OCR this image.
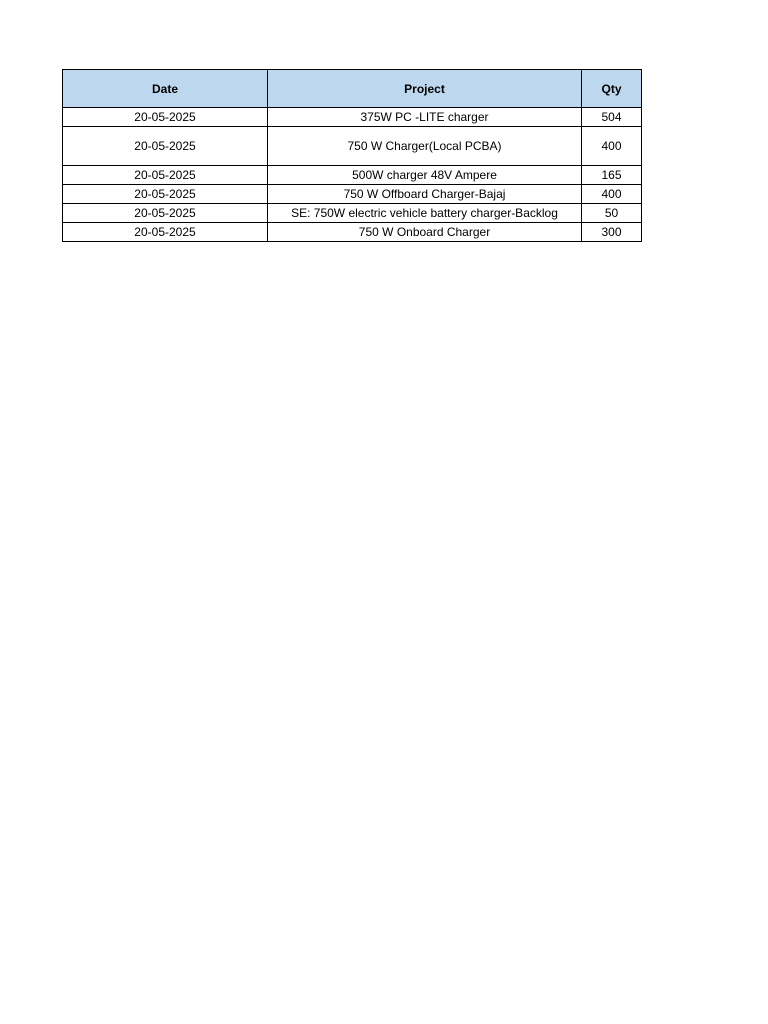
Date	Project	Qty
20-05-2025	375W PC -LITE charger	504
20-05-2025	750 W Charger(Local PCBA)	400
20-05-2025	500W charger 48V Ampere	165
20-05-2025	750 W Offboard Charger-Bajaj	400
20-05-2025	SE: 750W electric vehicle battery charger-Backlog	50
20-05-2025	750 W Onboard Charger	300
